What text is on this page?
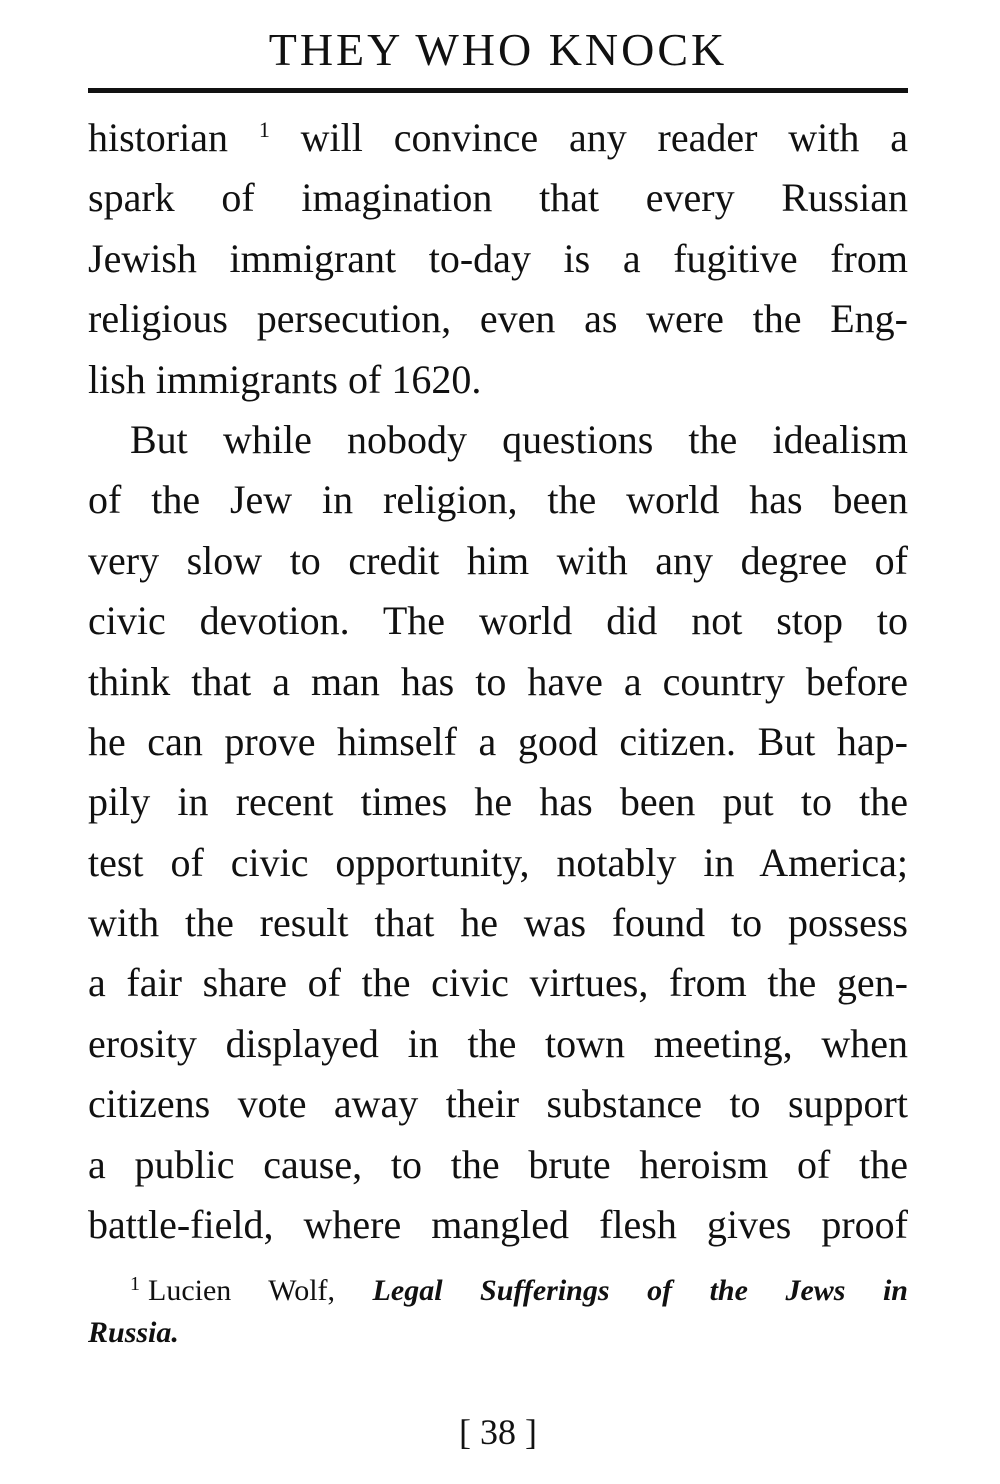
THEY WHO KNOCK
historian $^1$ will convince any reader with a
spark of imagination that every Russian
Jewish immigrant to-day is a fugitive from
religious persecution, even as were the Eng-
lish immigrants of 1620.
But while nobody questions the idealism
of the Jew in religion, the world has been
very slow to credit him with any degree of
civic devotion. The world did not stop to
think that a man has to have a country before
he can prove himself a good citizen. But hap-
pily in recent times he has been put to the
test of civic opportunity, notably in America;
with the result that he was found to possess
a fair share of the civic virtues, from the gen-
erosity displayed in the town meeting, when
citizens vote away their substance to support
a public cause, to the brute heroism of the
battle-field, where mangled flesh gives proof
$^1$ Lucien Wolf, Legal Sufferings of the Jews in
Russia.
[ 38 ]
